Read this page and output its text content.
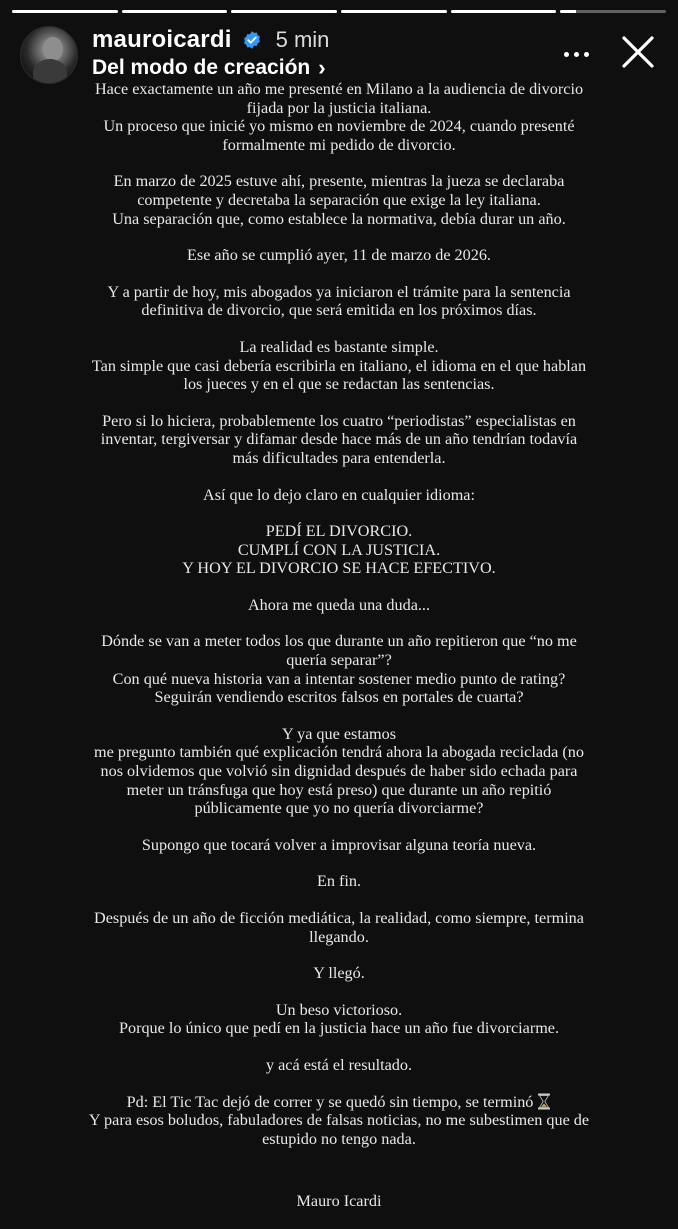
mauroicardi 5 min
Del modo de creación ›

Hace exactamente un año me presenté en Milano a la audiencia de divorcio
fijada por la justicia italiana.
Un proceso que inicié yo mismo en noviembre de 2024, cuando presenté
formalmente mi pedido de divorcio.

En marzo de 2025 estuve ahí, presente, mientras la jueza se declaraba
competente y decretaba la separación que exige la ley italiana.
Una separación que, como establece la normativa, debía durar un año.

Ese año se cumplió ayer, 11 de marzo de 2026.

Y a partir de hoy, mis abogados ya iniciaron el trámite para la sentencia
definitiva de divorcio, que será emitida en los próximos días.

La realidad es bastante simple.
Tan simple que casi debería escribirla en italiano, el idioma en el que hablan
los jueces y en el que se redactan las sentencias.

Pero si lo hiciera, probablemente los cuatro “periodistas” especialistas en
inventar, tergiversar y difamar desde hace más de un año tendrían todavía
más dificultades para entenderla.

Así que lo dejo claro en cualquier idioma:

PEDÍ EL DIVORCIO.
CUMPLÍ CON LA JUSTICIA.
Y HOY EL DIVORCIO SE HACE EFECTIVO.

Ahora me queda una duda...

Dónde se van a meter todos los que durante un año repitieron que “no me
quería separar”?
Con qué nueva historia van a intentar sostener medio punto de rating?
Seguirán vendiendo escritos falsos en portales de cuarta?

Y ya que estamos
me pregunto también qué explicación tendrá ahora la abogada reciclada (no
nos olvidemos que volvió sin dignidad después de haber sido echada para
meter un tránsfuga que hoy está preso) que durante un año repitió
públicamente que yo no quería divorciarme?

Supongo que tocará volver a improvisar alguna teoría nueva.

En fin.

Después de un año de ficción mediática, la realidad, como siempre, termina
llegando.

Y llegó.

Un beso victorioso.
Porque lo único que pedí en la justicia hace un año fue divorciarme.

y acá está el resultado.

Pd: El Tic Tac dejó de correr y se quedó sin tiempo, se terminó
Y para esos boludos, fabuladores de falsas noticias, no me subestimen que de
estupido no tengo nada.

Mauro Icardi
